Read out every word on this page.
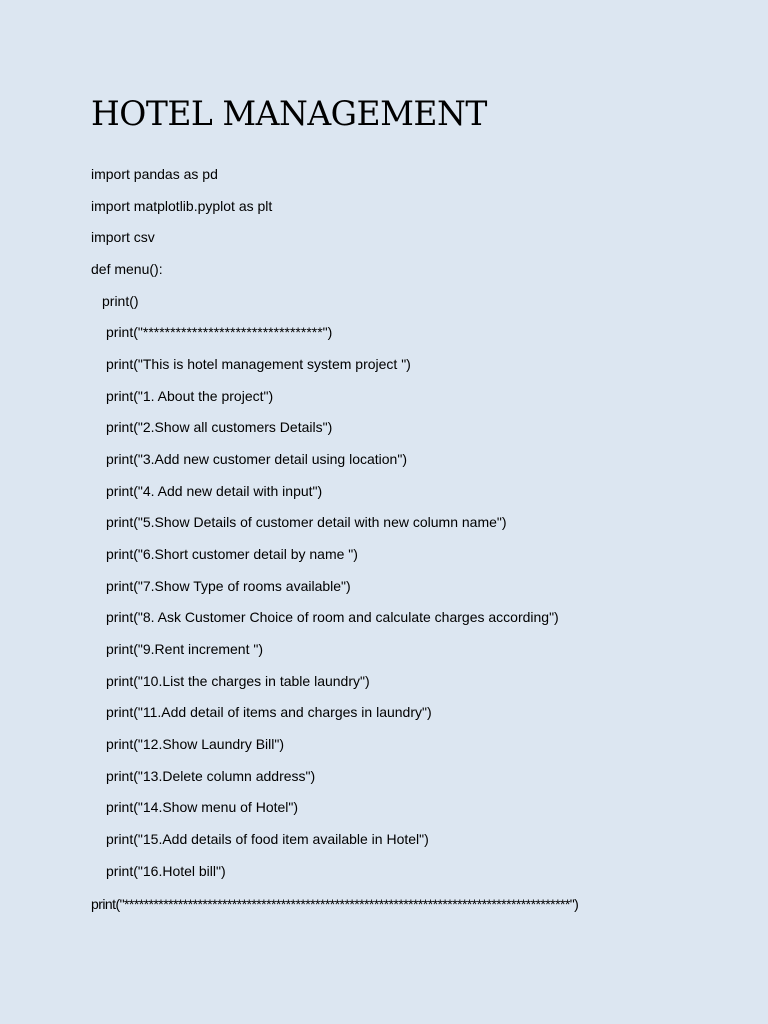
HOTEL MANAGEMENT
import pandas as pd
import matplotlib.pyplot as plt
import csv
def menu():
print()
print("*********************************")
print("This is hotel management system project ")
print("1. About the project")
print("2.Show all customers Details")
print("3.Add new customer detail using location")
print("4. Add new detail with input")
print("5.Show Details of customer detail with new column name")
print("6.Short customer detail by name ")
print("7.Show Type of rooms available")
print("8. Ask Customer Choice of room and calculate charges according")
print("9.Rent increment ")
print("10.List the charges in table laundry")
print("11.Add detail of items and charges in laundry")
print("12.Show Laundry Bill")
print("13.Delete column address")
print("14.Show menu of Hotel")
print("15.Add details of food item available in Hotel")
print("16.Hotel bill")
print("*******************************************************************************************")
